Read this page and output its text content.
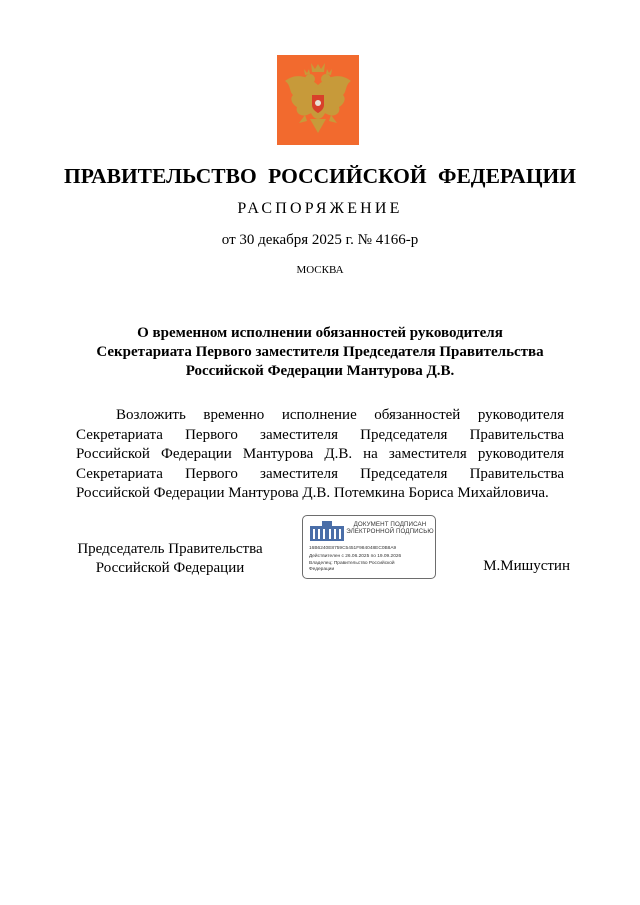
ПРАВИТЕЛЬСТВО РОССИЙСКОЙ ФЕДЕРАЦИИ
РАСПОРЯЖЕНИЕ
от 30 декабря 2025 г. № 4166-р
МОСКВА
О временном исполнении обязанностей руководителя
Секретариата Первого заместителя Председателя Правительства
Российской Федерации Мантурова Д.В.
Возложить временно исполнение обязанностей руководителя
Секретариата Первого заместителя Председателя Правительства
Российской Федерации Мантурова Д.В. на заместителя руководителя
Секретариата Первого заместителя Председателя Правительства
Российской Федерации Мантурова Д.В. Потемкина Бориса Михайловича.
Председатель Правительства
Российской Федерации
ДОКУМЕНТ ПОДПИСАН
ЭЛЕКТРОННОЙ ПОДПИСЬЮ
16B6240E8759C5451F984048EC0B8A9
Действителен с 26.06.2025 по 19.09.2026
Владелец: Правительство Российской
Федерации	М.Мишустин
